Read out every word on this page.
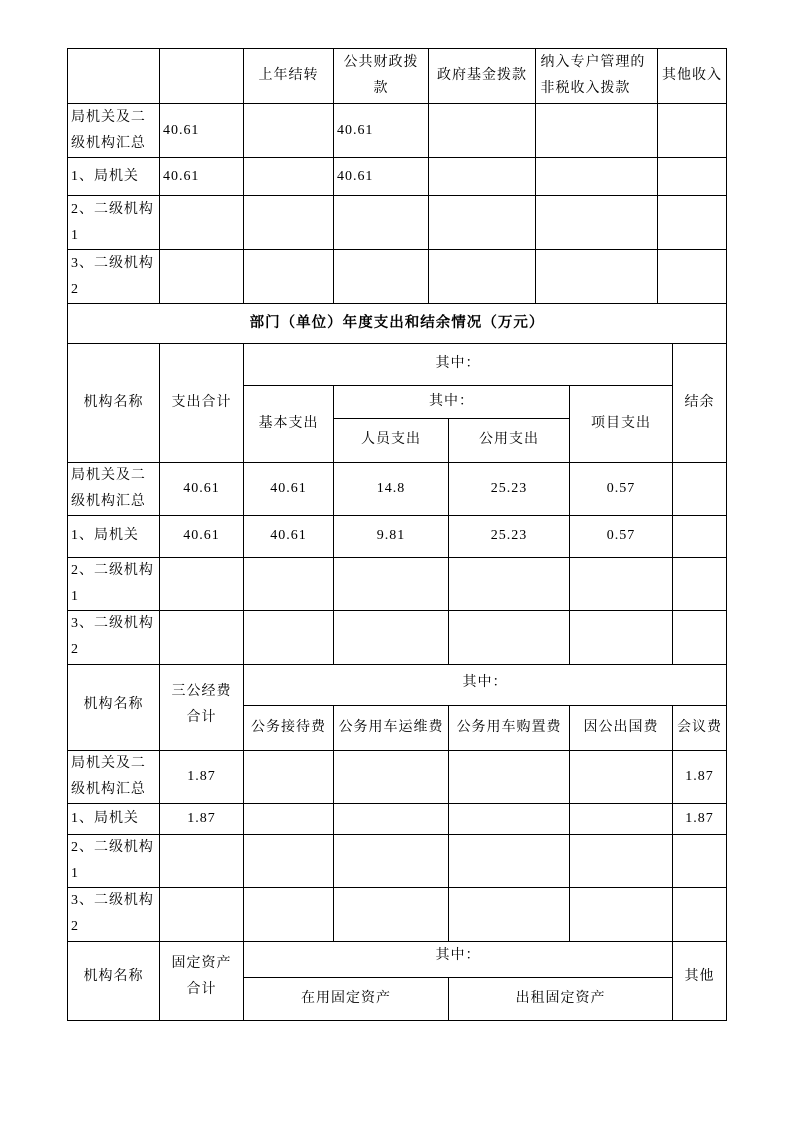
		上年结转	公共财政拨款	政府基金拨款	纳入专户管理的非税收入拨款	其他收入
局机关及二级机构汇总	40.61		40.61			
1、局机关	40.61		40.61			
2、二级机构1						
3、二级机构2						
部门（单位）年度支出和结余情况（万元）						
机构名称	支出合计	其中：				结余
		基本支出	其中：		项目支出	
			人员支出	公用支出		
局机关及二级机构汇总	40.61	40.61	14.8	25.23	0.57	
1、局机关	40.61	40.61	9.81	25.23	0.57	
2、二级机构1						
3、二级机构2						
机构名称	三公经费合计	其中：				
		公务接待费	公务用车运维费	公务用车购置费	因公出国费	会议费
局机关及二级机构汇总	1.87					1.87
1、局机关	1.87					1.87
2、二级机构1						
3、二级机构2						
机构名称	固定资产合计	其中：		其他
		在用固定资产	出租固定资产	
